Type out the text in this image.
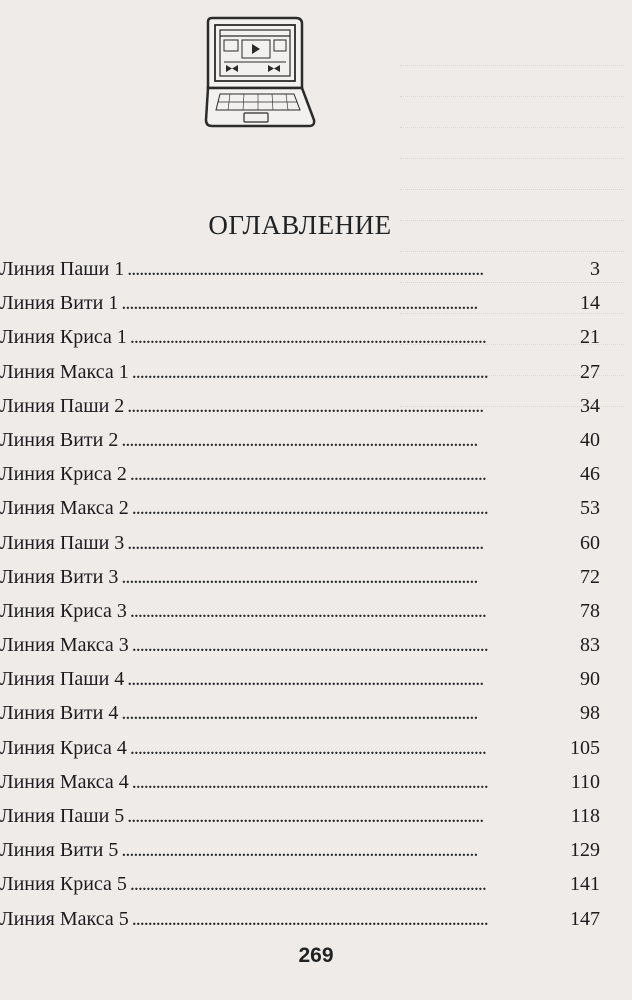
ОГЛАВЛЕНИЕ
Линия Паши 1 . . .	3
Линия Вити 1 . . .	14
Линия Криса 1 . . .	21
Линия Макса 1 . . .	27
Линия Паши 2 . . .	34
Линия Вити 2 . . .	40
Линия Криса 2 . . .	46
Линия Макса 2 . . .	53
Линия Паши 3 . . .	60
Линия Вити 3 . . .	72
Линия Криса 3 . . .	78
Линия Макса 3 . . .	83
Линия Паши 4 . . .	90
Линия Вити 4 . . .	98
Линия Криса 4 . . .	105
Линия Макса 4 . . .	110
Линия Паши 5 . . .	118
Линия Вити 5 . . .	129
Линия Криса 5 . . .	141
Линия Макса 5 . . .	147
269
